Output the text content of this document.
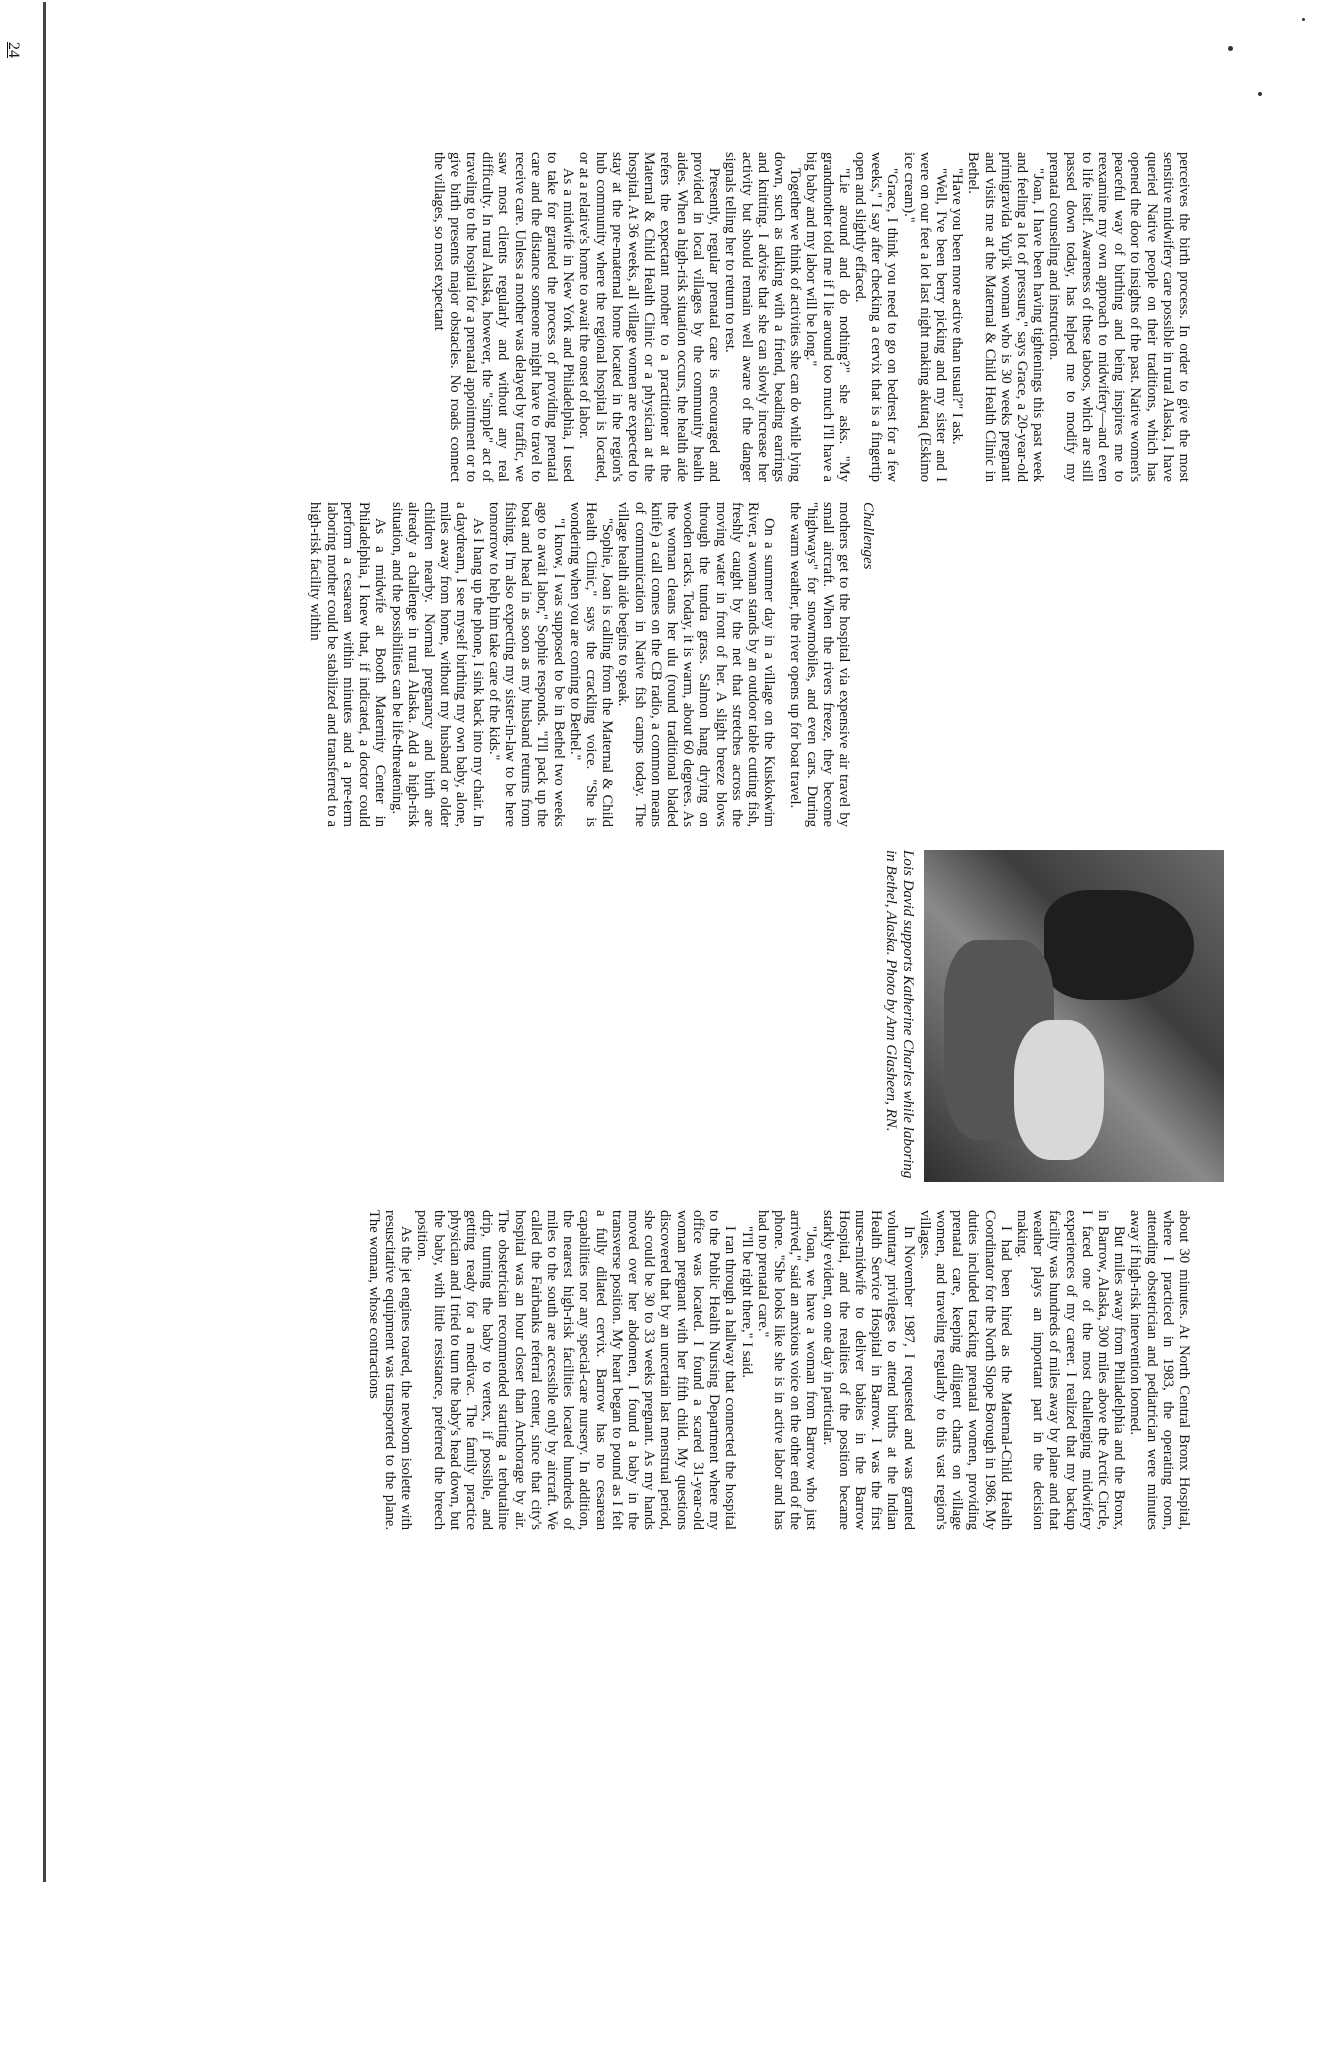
perceives the birth process. In order to give the most sensitive midwifery care possible in rural Alaska, I have queried Native people on their traditions, which has opened the door to insights of the past. Native women's peaceful way of birthing and being inspires me to reexamine my own approach to midwifery—and even to life itself. Awareness of these taboos, which are still passed down today, has helped me to modify my prenatal counseling and instruction.

"Joan, I have been having tightenings this past week and feeling a lot of pressure," says Grace, a 20-year-old primigravida Yup'ik woman who is 30 weeks pregnant and visits me at the Maternal & Child Health Clinic in Bethel.

"Have you been more active than usual?" I ask.

"Well, I've been berry picking and my sister and I were on our feet a lot last night making akutaq (Eskimo ice cream)."

"Grace, I think you need to go on bedrest for a few weeks," I say after checking a cervix that is a fingertip open and slightly effaced.

"Lie around and do nothing?" she asks. "My grandmother told me if I lie around too much I'll have a big baby and my labor will be long."

Together we think of activities she can do while lying down, such as talking with a friend, beading earrings and knitting. I advise that she can slowly increase her activity but should remain well aware of the danger signals telling her to return to rest.

Presently, regular prenatal care is encouraged and provided in local villages by the community health aides. When a high-risk situation occurs, the health aide refers the expectant mother to a practitioner at the Maternal & Child Health Clinic or a physician at the hospital. At 36 weeks, all village women are expected to stay at the pre-maternal home located in the region's hub community where the regional hospital is located, or at a relative's home to await the onset of labor.

As a midwife in New York and Philadelphia, I used to take for granted the process of providing prenatal care and the distance someone might have to travel to receive care. Unless a mother was delayed by traffic, we saw most clients regularly and without any real difficulty. In rural Alaska, however, the "simple" act of traveling to the hospital for a prenatal appointment or to give birth presents major obstacles. No roads connect the villages, so most expectant

Lois David supports Katherine Charles while laboring in Bethel, Alaska. Photo by Ann Glasheen, RN.

mothers get to the hospital via expensive air travel by small aircraft. When the rivers freeze, they become "highways" for snowmobiles, and even cars. During the warm weather, the river opens up for boat travel.

On a summer day in a village on the Kuskokwim River, a woman stands by an outdoor table cutting fish, freshly caught by the net that stretches across the moving water in front of her. A slight breeze blows through the tundra grass. Salmon hang drying on wooden racks. Today, it is warm, about 60 degrees. As the woman cleans her ulu (round traditional bladed knife) a call comes on the CB radio, a common means of communication in Native fish camps today. The village health aide begins to speak.

"Sophie, Joan is calling from the Maternal & Child Health Clinic," says the crackling voice. "She is wondering when you are coming to Bethel."

"I know, I was supposed to be in Bethel two weeks ago to await labor," Sophie responds. "I'll pack up the boat and head in as soon as my husband returns from fishing. I'm also expecting my sister-in-law to be here tomorrow to help him take care of the kids."

As I hang up the phone, I sink back into my chair. In a daydream, I see myself birthing my own baby, alone, miles away from home, without my husband or older children nearby. Normal pregnancy and birth are already a challenge in rural Alaska. Add a high-risk situation, and the possibilities can be life-threatening.

As a midwife at Booth Maternity Center in Philadelphia, I knew that, if indicated, a doctor could perform a cesarean within minutes and a pre-term laboring mother could be stabilized and transferred to a high-risk facility within	Challenges

about 30 minutes. At North Central Bronx Hospital, where I practiced in 1983, the operating room, attending obstetrician and pediatrician were minutes away if high-risk intervention loomed.

But miles away from Philadelphia and the Bronx, in Barrow, Alaska, 300 miles above the Arctic Circle, I faced one of the most challenging midwifery experiences of my career. I realized that my backup facility was hundreds of miles away by plane and that weather plays an important part in the decision making.

I had been hired as the Maternal-Child Health Coordinator for the North Slope Borough in 1986. My duties included tracking prenatal women, providing prenatal care, keeping diligent charts on village women, and traveling regularly to this vast region's villages.

In November 1987, I requested and was granted voluntary privileges to attend births at the Indian Health Service Hospital in Barrow. I was the first nurse-midwife to deliver babies in the Barrow Hospital, and the realities of the position became starkly evident, on one day in particular.

"Joan, we have a woman from Barrow who just arrived," said an anxious voice on the other end of the phone. "She looks like she is in active labor and has had no prenatal care."

"I'll be right there," I said.

I ran through a hallway that connected the hospital to the Public Health Nursing Department where my office was located. I found a scared 31-year-old woman pregnant with her fifth child. My questions discovered that by an uncertain last menstrual period, she could be 30 to 33 weeks pregnant. As my hands moved over her abdomen, I found a baby in the transverse position. My heart began to pound as I felt a fully dilated cervix. Barrow has no cesarean capabilities nor any special-care nursery. In addition, the nearest high-risk facilities located hundreds of miles to the south are accessible only by aircraft. We called the Fairbanks referral center, since that city's hospital was an hour closer than Anchorage by air. The obstetrician recommended starting a terbutaline drip, turning the baby to vertex, if possible, and getting ready for a medivac. The family practice physician and I tried to turn the baby's head down, but the baby, with little resistance, preferred the breech position.

As the jet engines roared, the newborn isolette with resuscitative equipment was transported to the plane. The woman, whose contractions

24
